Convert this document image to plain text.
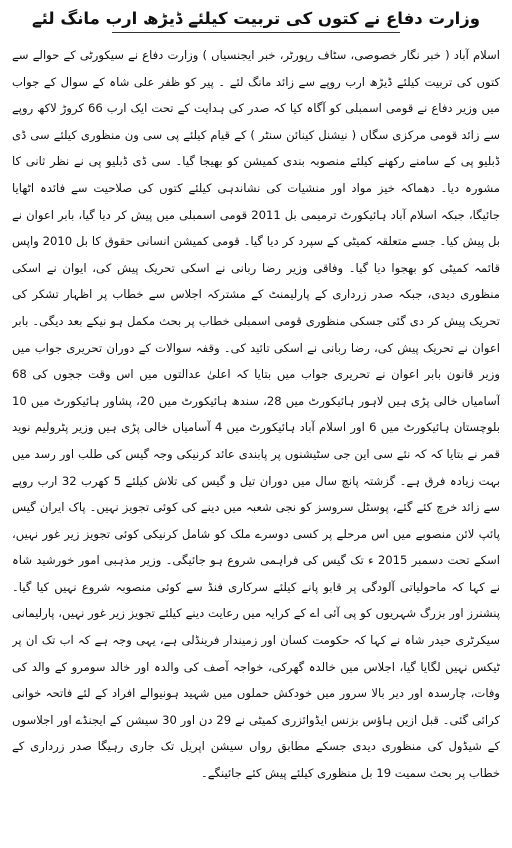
وزارت دفاع نے کتوں کی تربیت کیلئے ڈیڑھ ارب مانگ لئے

اسلام آباد ( خبر نگار خصوصی، سٹاف رپورٹر، خبر ایجنسیاں ) وزارت دفاع نے سیکورٹی کے حوالے سے کتوں کی تربیت کیلئے ڈیڑھ ارب روپے سے زائد مانگ لئے ۔ پیر کو ظفر علی شاہ کے سوال کے جواب میں وزیر دفاع نے قومی اسمبلی کو آگاہ کیا کہ صدر کی ہدایت کے تحت ایک ارب 66 کروڑ لاکھ روپے سے زائد قومی مرکزی سگاں ( نیشنل کینائن سنٹر ) کے قیام کیلئے پی سی ون منظوری کیلئے سی ڈی ڈبلیو پی کے سامنے رکھنے کیلئے منصوبہ بندی کمیشن کو بھیجا گیا۔ سی ڈی ڈبلیو پی نے نظر ثانی کا مشورہ دیا۔ دھماکہ خیز مواد اور منشیات کی نشاندہی کیلئے کتوں کی صلاحیت سے فائدہ اٹھایا جائیگا، جبکہ اسلام آباد ہائیکورٹ ترمیمی بل 2011 قومی اسمبلی میں پیش کر دیا گیا، بابر اعوان نے بل پیش کیا۔ جسے متعلقہ کمیٹی کے سپرد کر دیا گیا۔ قومی کمیشن انسانی حقوق کا بل 2010 واپس قائمہ کمیٹی کو بھجوا دیا گیا۔ وفاقی وزیر رضا ربانی نے اسکی تحریک پیش کی، ایوان نے اسکی منظوری دیدی، جبکہ صدر زرداری کے پارلیمنٹ کے مشترکہ اجلاس سے خطاب پر اظہار تشکر کی تحریک پیش کر دی گئی جسکی منظوری قومی اسمبلی خطاب پر بحث مکمل ہو نیکے بعد دیگی۔ بابر اعوان نے تحریک پیش کی، رضا ربانی نے اسکی تائید کی۔ وقفہ سوالات کے دوران تحریری جواب میں وزیر قانون بابر اعوان نے تحریری جواب میں بتایا کہ اعلیٰ عدالتوں میں اس وقت ججوں کی 68 آسامیاں خالی پڑی ہیں لاہور ہائیکورٹ میں 28، سندھ ہائیکورٹ میں 20، پشاور ہائیکورٹ میں 10 بلوچستان ہائیکورٹ میں 6 اور اسلام آباد ہائیکورٹ میں 4 آسامیاں خالی پڑی ہیں وزیر پٹرولیم نوید قمر نے بتایا کہ کہ نئے سی این جی سٹیشنوں پر پابندی عائد کرنیکی وجہ گیس کی طلب اور رسد میں بہت زیادہ فرق ہے۔ گزشتہ پانچ سال میں دوران تیل و گیس کی تلاش کیلئے 5 کھرب 32 ارب روپے سے زائد خرچ کئے گئے، پوسٹل سروسز کو نجی شعبہ میں دینے کی کوئی تجویز نہیں۔ پاک ایران گیس پائپ لائن منصوبے میں اس مرحلے پر کسی دوسرے ملک کو شامل کرنیکی کوئی تجویز زیر غور نہیں، اسکے تحت دسمبر 2015 ء تک گیس کی فراہمی شروع ہو جائیگی۔ وزیر مذہبی امور خورشید شاہ نے کہا کہ ماحولیاتی آلودگی پر قابو پانے کیلئے سرکاری فنڈ سے کوئی منصوبہ شروع نہیں کیا گیا۔ پنشنرز اور بزرگ شہریوں کو پی آئی اے کے کرایہ میں رعایت دینے کیلئے تجویز زیر غور نہیں، پارلیمانی سیکرٹری حیدر شاہ نے کہا کہ حکومت کسان اور زمیندار فرینڈلی ہے، یہی وجہ ہے کہ اب تک ان پر ٹیکس نہیں لگایا گیا، اجلاس میں خالدہ گھرکی، خواجہ آصف کی والدہ اور خالد سومرو کے والد کی وفات، چارسدہ اور دیر بالا سرور میں خودکش حملوں میں شہید ہونیوالے افراد کے لئے فاتحہ خوانی کرائی گئی۔ قبل ازیں ہاؤس بزنس ایڈوائزری کمیٹی نے 29 دن اور 30 سیشن کے ایجنڈے اور اجلاسوں کے شیڈول کی منظوری دیدی جسکے مطابق رواں سیشن اپریل تک جاری رہیگا صدر زرداری کے خطاب پر بحث سمیت 19 بل منظوری کیلئے پیش کئے جائینگے۔
